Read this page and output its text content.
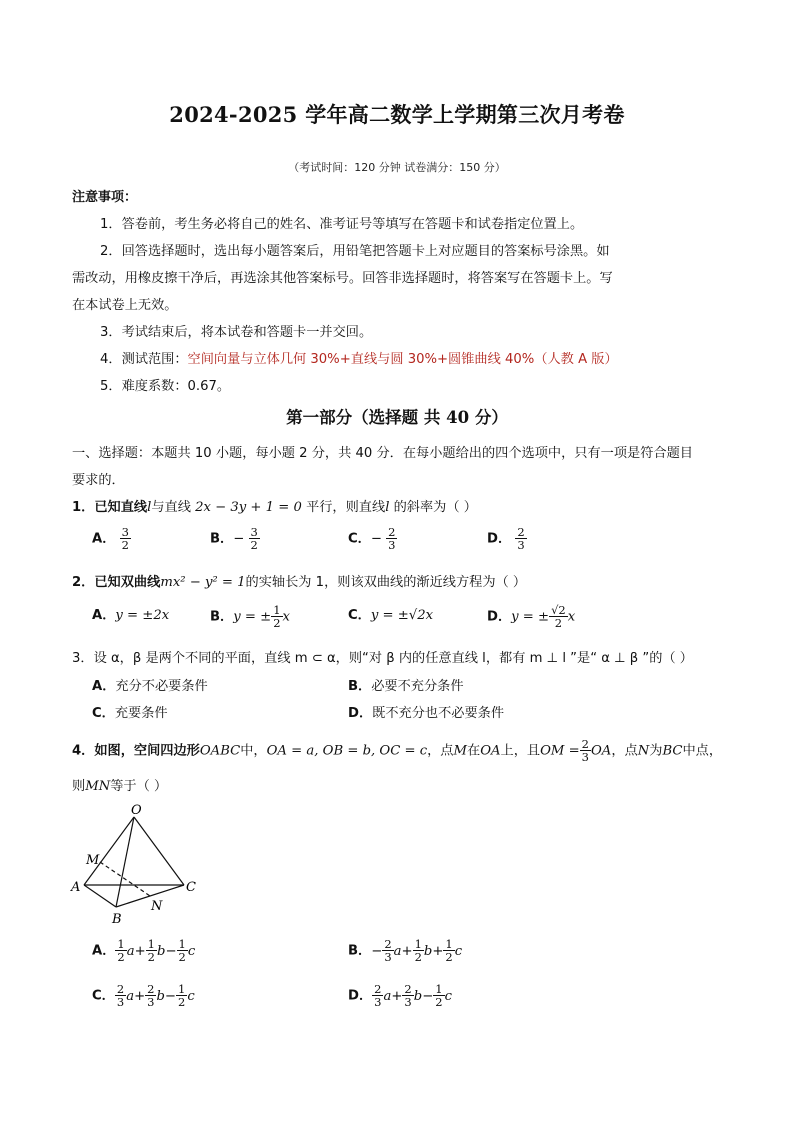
2024-2025 学年高二数学上学期第三次月考卷
（考试时间：120 分钟 试卷满分：150 分）
注意事项：
1．答卷前，考生务必将自己的姓名、准考证号等填写在答题卡和试卷指定位置上。
2．回答选择题时，选出每小题答案后，用铅笔把答题卡上对应题目的答案标号涂黑。如
需改动，用橡皮擦干净后，再选涂其他答案标号。回答非选择题时，将答案写在答题卡上。写
在本试卷上无效。
3．考试结束后，将本试卷和答题卡一并交回。
4．测试范围：空间向量与立体几何 30%+直线与圆 30%+圆锥曲线 40%（人教 A 版）
5．难度系数：0.67。
第一部分（选择题 共 40 分）
一、选择题：本题共 10 小题，每小题 2 分，共 40 分．在每小题给出的四个选项中，只有一项是符合题目
要求的．
1．已知直线l与直线 2x − 3y + 1 = 0 平行，则直线l 的斜率为（ ）
A． $\frac{3}{2}$	B．− $\frac{3}{2}$	C．− $\frac{2}{3}$	D． $\frac{2}{3}$
2．已知双曲线mx² − y² = 1的实轴长为 1，则该双曲线的渐近线方程为（ ）
A．y = ±2x	B．y = ± $\frac{1}{2}$ x	C．y = ±√2x	D．y = ± $\frac{√2}{2}$ x
3．设 α，β 是两个不同的平面，直线 m ⊂ α，则“对 β 内的任意直线 l，都有 m ⊥ l ”是“ α ⊥ β ”的（ ）
A．充分不必要条件	B．必要不充分条件
C．充要条件	D．既不充分也不必要条件
4．如图，空间四边形OABC中，OA = a, OB = b, OC = c，点M在OA上，且OM = $\frac{2}{3}$ OA，点N为BC中点，
则MN等于（ ）
O
M
A
B
C
N
A． $\frac{1}{2} a+ \frac{1}{2} b- \frac{1}{2}$ c	B．− $\frac{2}{3} a+ \frac{1}{2} b+ \frac{1}{2}$ c
C． $\frac{2}{3} a+ \frac{2}{3} b- \frac{1}{2}$ c	D． $\frac{2}{3} a+ \frac{2}{3} b- \frac{1}{2}$ c
